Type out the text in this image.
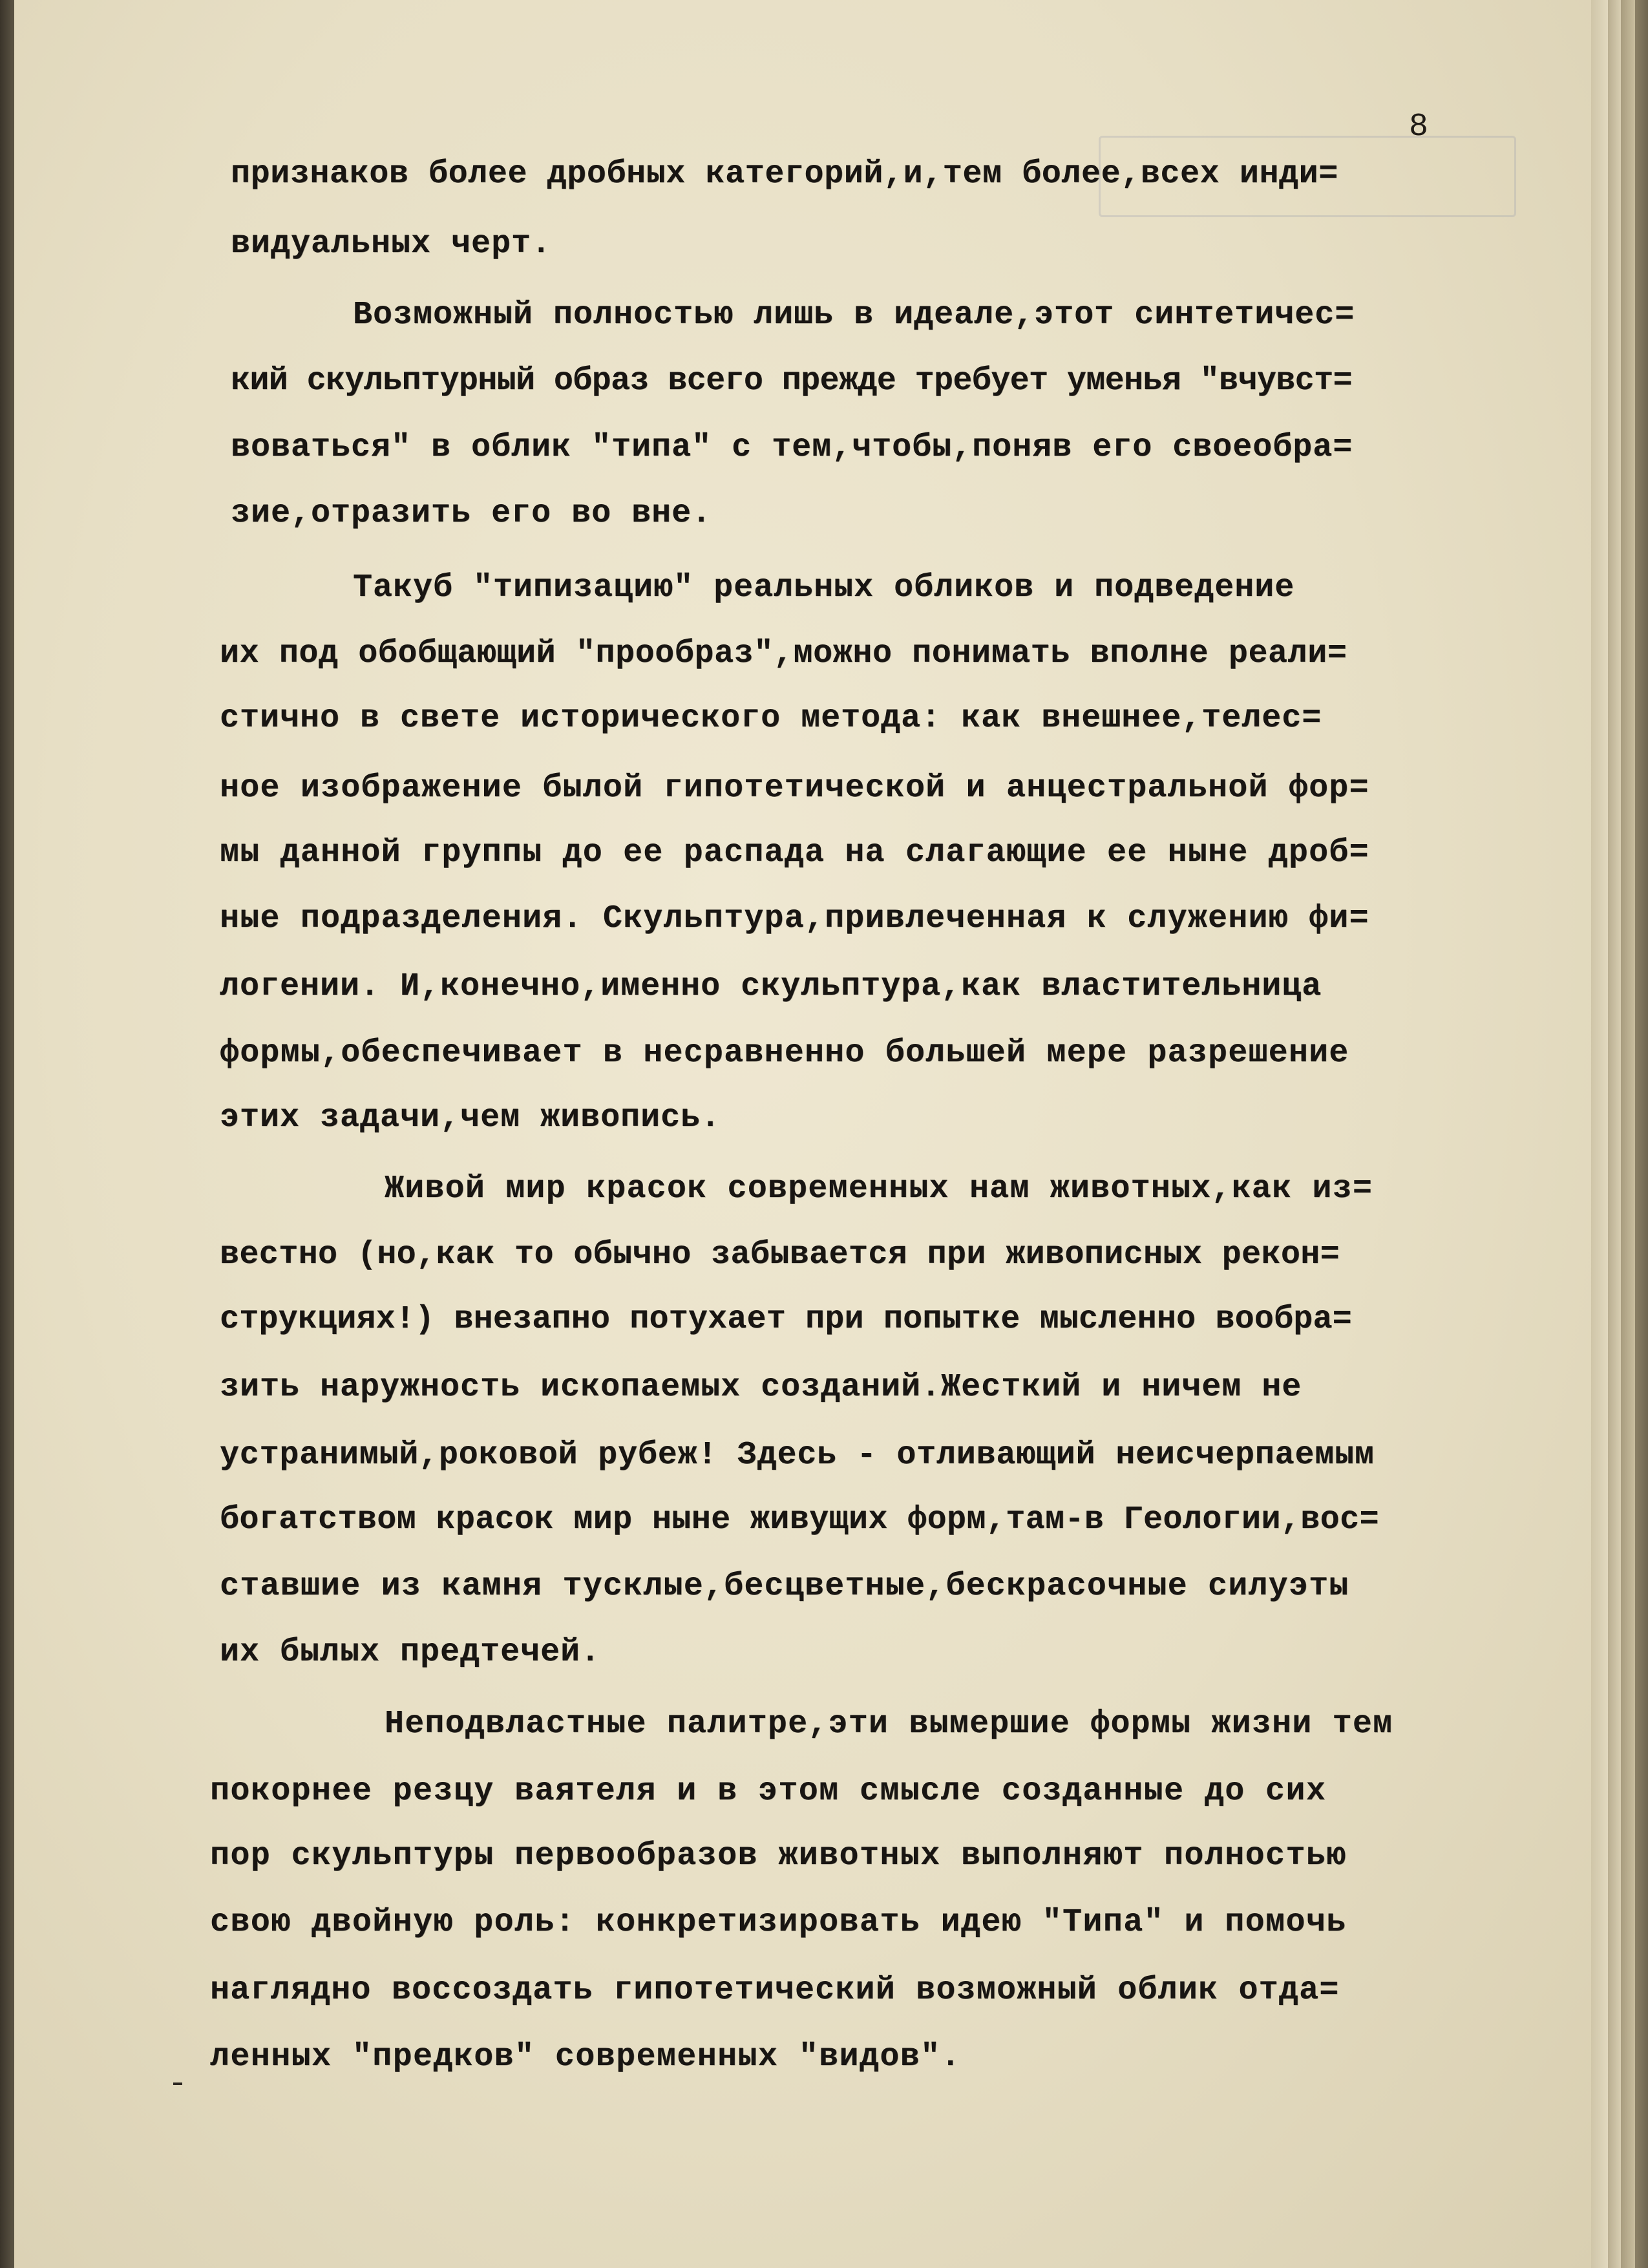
8
признаков более дробных категорий,и,тем более,всех инди=
видуальных черт.
Возможный полностью лишь в идеале,этот синтетичес=
кий скульптурный образ всего прежде требует уменья "вчувст=
воваться" в облик "типа" с тем,чтобы,поняв его своеобра=
зие,отразить его во вне.
Такуб "типизацию" реальных обликов и подведение
их под обобщающий "прообраз",можно понимать вполне реали=
стично в свете исторического метода: как внешнее,телес=
ное изображение былой гипотетической и анцестральной фор=
мы данной группы до ее распада на слагающие ее ныне дроб=
ные подразделения. Скульптура,привлеченная к служению фи=
логении. И,конечно,именно скульптура,как властительница
формы,обеспечивает в несравненно большей мере разрешение
этих задачи,чем живопись.
Живой мир красок современных нам животных,как из=
вестно (но,как то обычно забывается при живописных рекон=
струкциях!) внезапно потухает при попытке мысленно вообра=
зить наружность ископаемых созданий.Жесткий и ничем не
устранимый,роковой рубеж! Здесь - отливающий неисчерпаемым
богатством красок мир ныне живущих форм,там-в Геологии,вос=
ставшие из камня тусклые,бесцветные,бескрасочные силуэты
их былых предтечей.
Неподвластные палитре,эти вымершие формы жизни тем
покорнее резцу ваятеля и в этом смысле созданные до сих
пор скульптуры первообразов животных выполняют полностью
свою двойную роль: конкретизировать идею "Типа" и помочь
наглядно воссоздать гипотетический возможный облик отда=
ленных "предков" современных "видов".
